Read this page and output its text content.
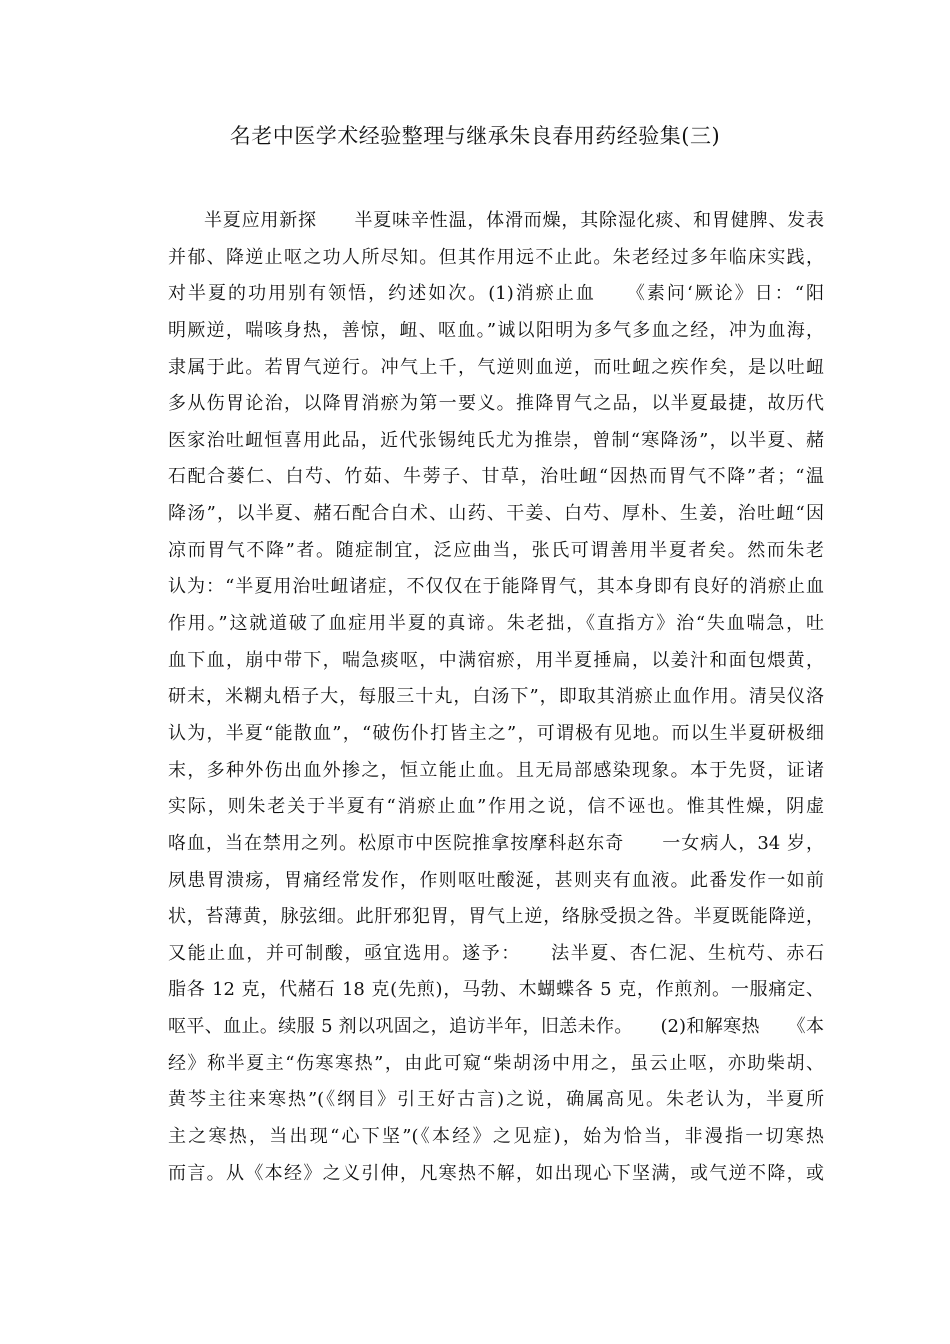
名老中医学术经验整理与继承朱良春用药经验集(三)
半夏应用新探　　半夏味辛性温，体滑而燥，其除湿化痰、和胃健脾、发表
并郁、降逆止呕之功人所尽知。但其作用远不止此。朱老经过多年临床实践，
对半夏的功用别有领悟，约述如次。(1)消瘀止血　　《素问‘厥论》日：“阳
明厥逆，喘咳身热，善惊，衄、呕血。”诚以阳明为多气多血之经，冲为血海，
隶属于此。若胃气逆行。冲气上千，气逆则血逆，而吐衄之疾作矣，是以吐衄
多从伤胃论治，以降胃消瘀为第一要义。推降胃气之品，以半夏最捷，故历代
医家治吐衄恒喜用此品，近代张锡纯氏尤为推崇，曾制“寒降汤”，以半夏、赭
石配合蒌仁、白芍、竹茹、牛蒡子、甘草，治吐衄“因热而胃气不降”者；“温
降汤”，以半夏、赭石配合白术、山药、干姜、白芍、厚朴、生姜，治吐衄“因
凉而胃气不降”者。随症制宜，泛应曲当，张氏可谓善用半夏者矣。然而朱老
认为：“半夏用治吐衄诸症，不仅仅在于能降胃气，其本身即有良好的消瘀止血
作用。”这就道破了血症用半夏的真谛。朱老拙，《直指方》治“失血喘急，吐
血下血，崩中带下，喘急痰呕，中满宿瘀，用半夏捶扁，以姜汁和面包煨黄，
研末，米糊丸梧子大，每服三十丸，白汤下”，即取其消瘀止血作用。清吴仪洛
认为，半夏“能散血”，“破伤仆打皆主之”，可谓极有见地。而以生半夏研极细
末，多种外伤出血外掺之，恒立能止血。且无局部感染现象。本于先贤，证诸
实际，则朱老关于半夏有“消瘀止血”作用之说，信不诬也。惟其性燥，阴虚
咯血，当在禁用之列。松原市中医院推拿按摩科赵东奇　　一女病人，34 岁，
夙患胃溃疡，胃痛经常发作，作则呕吐酸涎，甚则夹有血液。此番发作一如前
状，苔薄黄，脉弦细。此肝邪犯胃，胃气上逆，络脉受损之咎。半夏既能降逆，
又能止血，并可制酸，亟宜选用。遂予：　　法半夏、杏仁泥、生杭芍、赤石
脂各 12 克，代赭石 18 克(先煎)，马勃、木蝴蝶各 5 克，作煎剂。一服痛定、
呕平、血止。续服 5 剂以巩固之，追访半年，旧恙未作。　　(2)和解寒热　　《本
经》称半夏主“伤寒寒热”，由此可窥“柴胡汤中用之，虽云止呕，亦助柴胡、
黄芩主往来寒热”(《纲目》引王好古言)之说，确属高见。朱老认为，半夏所
主之寒热，当出现“心下坚”(《本经》之见症)，始为恰当，非漫指一切寒热
而言。从《本经》之义引伸，凡寒热不解，如出现心下坚满，或气逆不降，或
